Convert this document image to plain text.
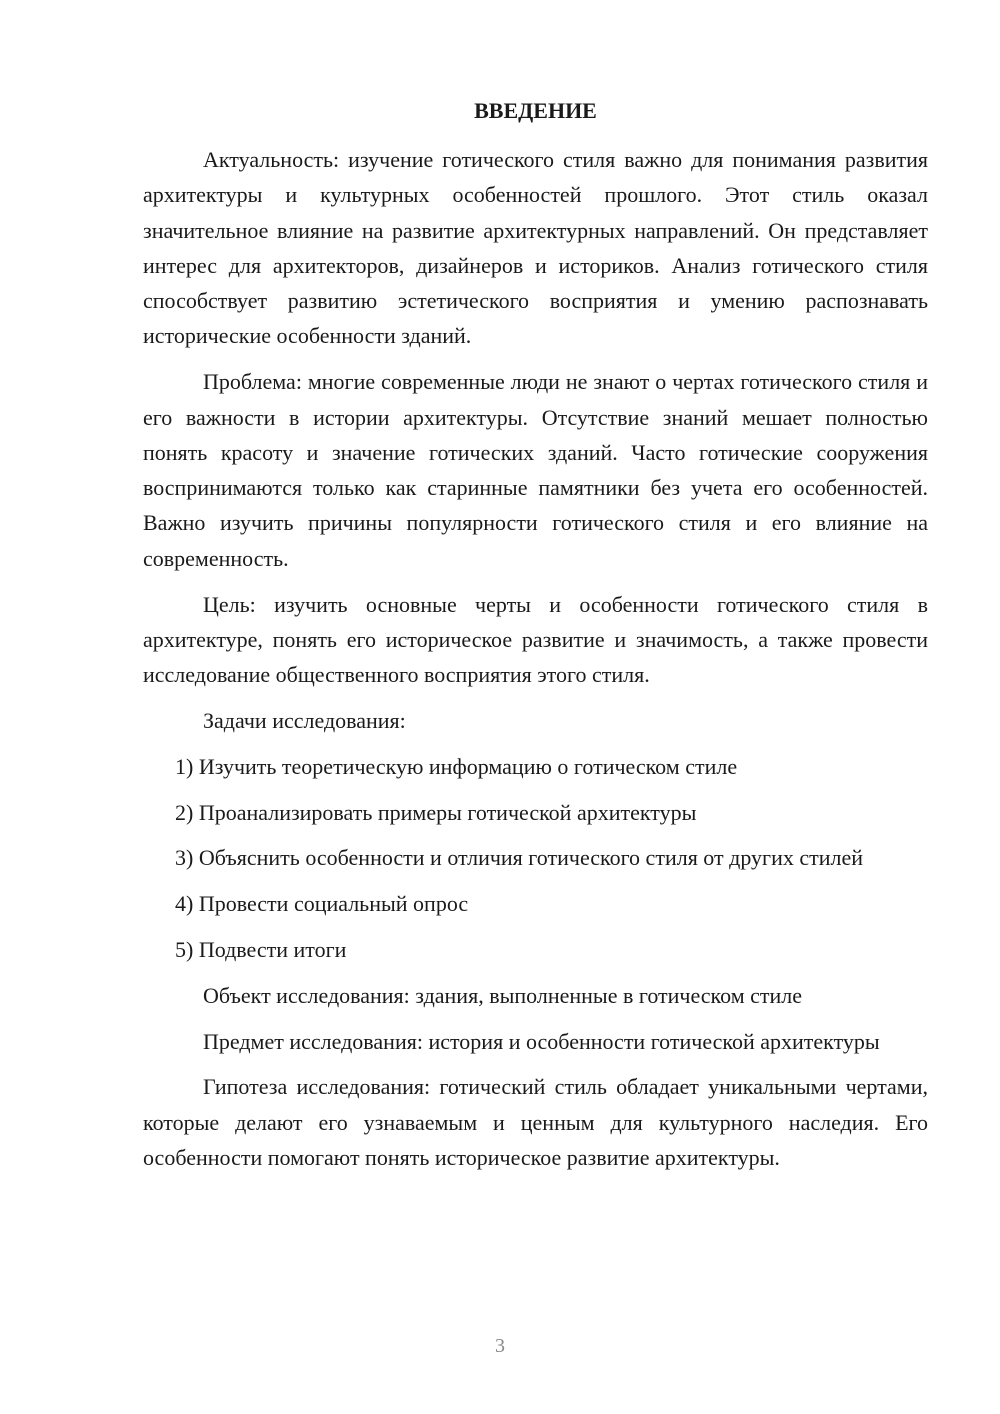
ВВЕДЕНИЕ

Актуальность: изучение готического стиля важно для понимания развития архитектуры и культурных особенностей прошлого. Этот стиль оказал значительное влияние на развитие архитектурных направлений. Он представляет интерес для архитекторов, дизайнеров и историков. Анализ готического стиля способствует развитию эстетического восприятия и умению распознавать исторические особенности зданий.

Проблема: многие современные люди не знают о чертах готического стиля и его важности в истории архитектуры. Отсутствие знаний мешает полностью понять красоту и значение готических зданий. Часто готические сооружения воспринимаются только как старинные памятники без учета его особенностей. Важно изучить причины популярности готического стиля и его влияние на современность.

Цель: изучить основные черты и особенности готического стиля в архитектуре, понять его историческое развитие и значимость, а также провести исследование общественного восприятия этого стиля.

Задачи исследования:

1) Изучить теоретическую информацию о готическом стиле

2) Проанализировать примеры готической архитектуры

3) Объяснить особенности и отличия готического стиля от других стилей

4) Провести социальный опрос

5) Подвести итоги

Объект исследования: здания, выполненные в готическом стиле

Предмет исследования: история и особенности готической архитектуры

Гипотеза исследования: готический стиль обладает уникальными чертами, которые делают его узнаваемым и ценным для культурного наследия. Его особенности помогают понять историческое развитие архитектуры.

3
